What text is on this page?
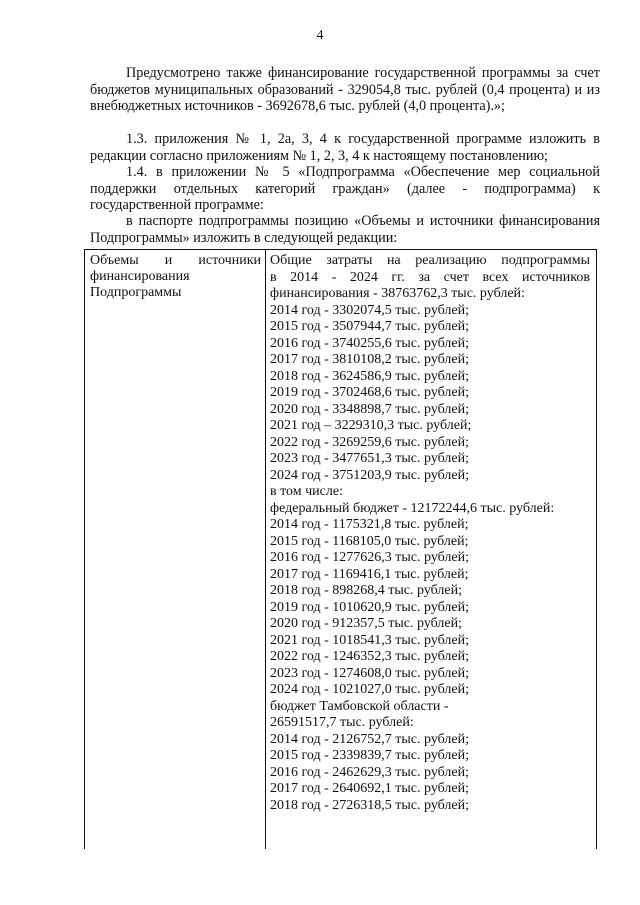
4

Предусмотрено также финансирование государственной программы за счет бюджетов муниципальных образований - 329054,8 тыс. рублей (0,4 процента) и из внебюджетных источников - 3692678,6 тыс. рублей (4,0 процента).»;

1.3. приложения № 1, 2а, 3, 4 к государственной программе изложить в редакции согласно приложениям № 1, 2, 3, 4 к настоящему постановлению;

1.4. в приложении № 5 «Подпрограмма «Обеспечение мер социальной поддержки отдельных категорий граждан» (далее - подпрограмма) к государственной программе:

в паспорте подпрограммы позицию «Объемы и источники финансирования Подпрограммы» изложить в следующей редакции:

Объемы и источники
финансирования
Подпрограммы
Общие затраты на реализацию подпрограммы
в 2014 - 2024 гг. за счет всех источников
финансирования - 38763762,3 тыс. рублей:
2014 год - 3302074,5 тыс. рублей;
2015 год - 3507944,7 тыс. рублей;
2016 год - 3740255,6 тыс. рублей;
2017 год - 3810108,2 тыс. рублей;
2018 год - 3624586,9 тыс. рублей;
2019 год - 3702468,6 тыс. рублей;
2020 год - 3348898,7 тыс. рублей;
2021 год – 3229310,3 тыс. рублей;
2022 год - 3269259,6 тыс. рублей;
2023 год - 3477651,3 тыс. рублей;
2024 год - 3751203,9 тыс. рублей;
в том числе:
федеральный бюджет - 12172244,6 тыс. рублей:
2014 год - 1175321,8 тыс. рублей;
2015 год - 1168105,0 тыс. рублей;
2016 год - 1277626,3 тыс. рублей;
2017 год - 1169416,1 тыс. рублей;
2018 год - 898268,4 тыс. рублей;
2019 год - 1010620,9 тыс. рублей;
2020 год - 912357,5 тыс. рублей;
2021 год - 1018541,3 тыс. рублей;
2022 год - 1246352,3 тыс. рублей;
2023 год - 1274608,0 тыс. рублей;
2024 год - 1021027,0 тыс. рублей;
бюджет Тамбовской области -
26591517,7 тыс. рублей:
2014 год - 2126752,7 тыс. рублей;
2015 год - 2339839,7 тыс. рублей;
2016 год - 2462629,3 тыс. рублей;
2017 год - 2640692,1 тыс. рублей;
2018 год - 2726318,5 тыс. рублей;
